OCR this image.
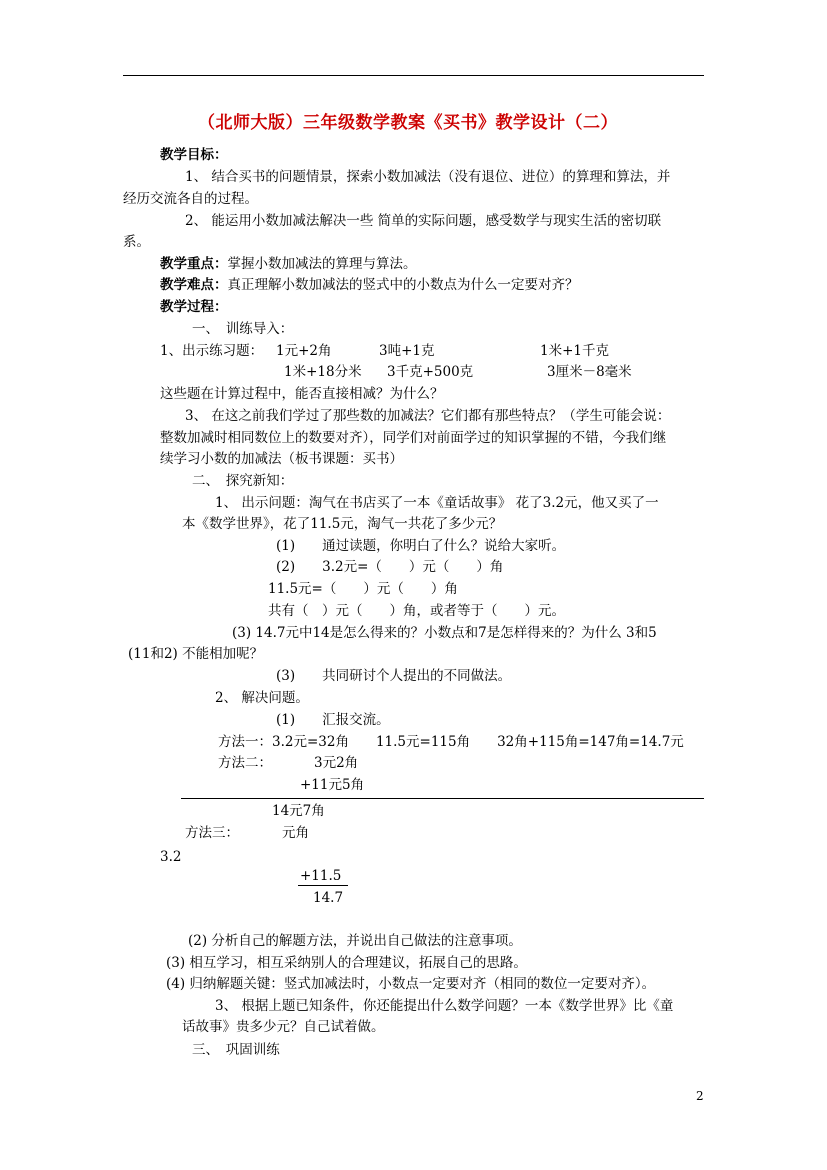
（北师大版）三年级数学教案《买书》教学设计（二）
教学目标：
1、 结合买书的问题情景，探索小数加减法（没有退位、进位）的算理和算法，并
经历交流各自的过程。
2、 能运用小数加减法解决一些 简单的实际问题，感受数学与现实生活的密切联
系。
教学重点：掌握小数加减法的算理与算法。
教学难点：真正理解小数加减法的竖式中的小数点为什么一定要对齐？
教学过程：
一、　训练导入：
1、出示练习题： 1元+2角	3吨+1克	1米+1千克
1米+18分米 3千克+500克	3厘米－8毫米
这些题在计算过程中，能否直接相减？为什么？
3、 在这之前我们学过了那些数的加减法？它们都有那些特点？（学生可能会说：
整数加减时相同数位上的数要对齐），同学们对前面学过的知识掌握的不错，今我们继
续学习小数的加减法（板书课题：买书）
二、　探究新知：
1、 出示问题：淘气在书店买了一本《童话故事》 花了3.2元，他又买了一
本《数学世界》，花了11.5元，淘气一共花了多少元？
(1)　　通过读题，你明白了什么？说给大家听。
(2)　　3.2元=（　　）元（　　）角
11.5元=（　　）元（　　）角
共有（　）元（　　）角，或者等于（　　）元。
(3) 14.7元中14是怎么得来的？小数点和7是怎样得来的？为什么 3和5
(11和2) 不能相加呢？
(3)　　共同研讨个人提出的不同做法。
2、 解决问题。
(1)　　汇报交流。
方法一：3.2元=32角　　11.5元=115角　　32角+115角=147角=14.7元
方法二：	3元2角
+11元5角
14元7角
方法三：	元角
3.2
+11.5
14.7
(2) 分析自己的解题方法，并说出自己做法的注意事项。
(3) 相互学习，相互采纳别人的合理建议，拓展自己的思路。
(4) 归纳解题关键：竖式加减法时，小数点一定要对齐（相同的数位一定要对齐）。
3、 根据上题已知条件，你还能提出什么数学问题？一本《数学世界》比《童
话故事》贵多少元？自己试着做。
三、　巩固训练
2
